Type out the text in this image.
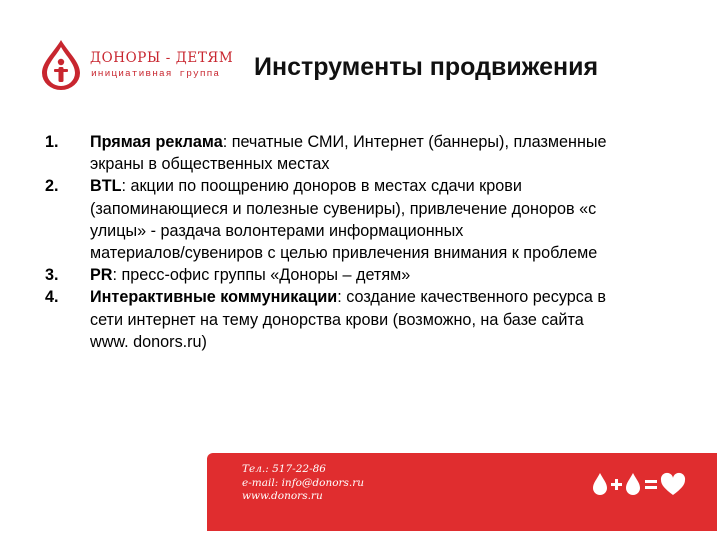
ДОНОРЫ - ДЕТЯМ
инициативная группа Инструменты продвижения
1. Прямая реклама: печатные СМИ, Интернет (баннеры), плазменные
экраны в общественных местах
2. BTL: акции по поощрению доноров в местах сдачи крови
(запоминающиеся и полезные сувениры), привлечение доноров «с
улицы» - раздача волонтерами информационных
материалов/сувениров с целью привлечения внимания к проблеме
3. PR: пресс-офис группы «Доноры – детям»
4. Интерактивные коммуникации: создание качественного ресурса в
сети интернет на тему донорства крови (возможно, на базе сайта
www. donors.ru)
Тел.: 517-22-86
e-mail: info@donors.ru
www.donors.ru
